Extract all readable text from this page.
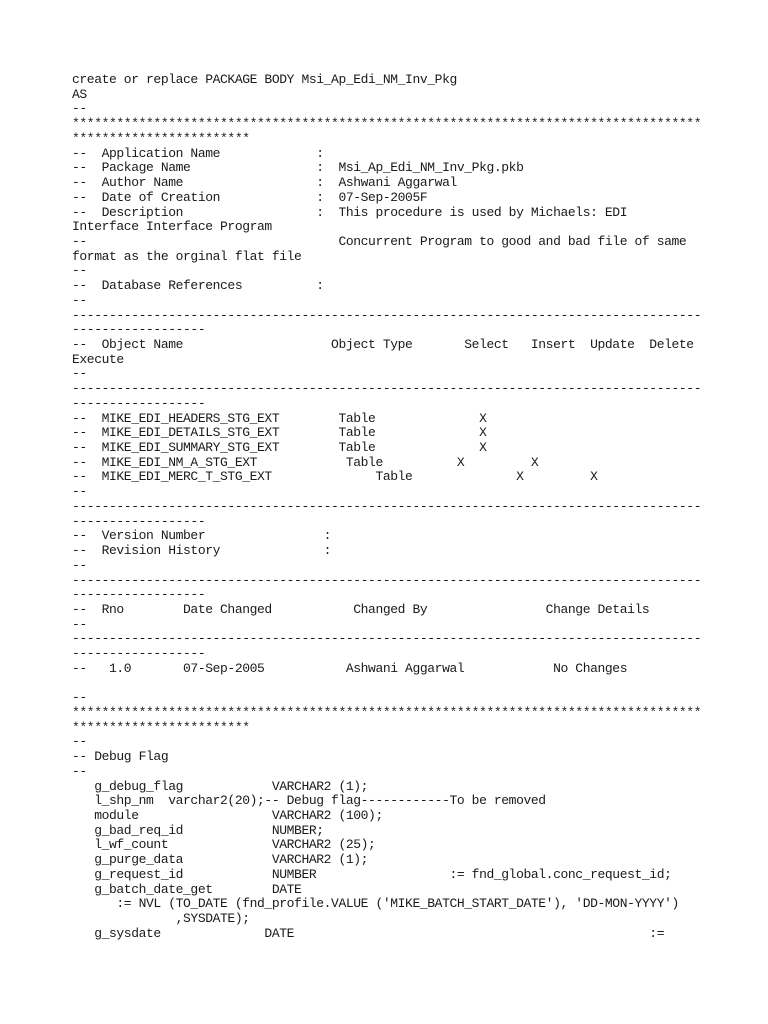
create or replace PACKAGE BODY Msi_Ap_Edi_NM_Inv_Pkg
AS
--
*************************************************************************************
************************
--  Application Name             :
--  Package Name                 :  Msi_Ap_Edi_NM_Inv_Pkg.pkb
--  Author Name                  :  Ashwani Aggarwal
--  Date of Creation             :  07-Sep-2005F
--  Description                  :  This procedure is used by Michaels: EDI
Interface Interface Program
--                                  Concurrent Program to good and bad file of same
format as the orginal flat file
--
--  Database References          :
--
-------------------------------------------------------------------------------------
------------------
--  Object Name                    Object Type       Select   Insert  Update  Delete
Execute
--
-------------------------------------------------------------------------------------
------------------
--  MIKE_EDI_HEADERS_STG_EXT        Table              X
--  MIKE_EDI_DETAILS_STG_EXT        Table              X
--  MIKE_EDI_SUMMARY_STG_EXT        Table              X
--  MIKE_EDI_NM_A_STG_EXT            Table          X         X
--  MIKE_EDI_MERC_T_STG_EXT              Table              X         X
--
-------------------------------------------------------------------------------------
------------------
--  Version Number                :
--  Revision History              :
--
-------------------------------------------------------------------------------------
------------------
--  Rno        Date Changed           Changed By                Change Details
--
-------------------------------------------------------------------------------------
------------------
--   1.0       07-Sep-2005           Ashwani Aggarwal            No Changes
--
*************************************************************************************
************************
--
-- Debug Flag
--
g_debug_flag            VARCHAR2 (1);
l_shp_nm  varchar2(20);-- Debug flag------------To be removed
module                  VARCHAR2 (100);
g_bad_req_id            NUMBER;
l_wf_count              VARCHAR2 (25);
g_purge_data            VARCHAR2 (1);
g_request_id            NUMBER                  := fnd_global.conc_request_id;
g_batch_date_get        DATE
:= NVL (TO_DATE (fnd_profile.VALUE ('MIKE_BATCH_START_DATE'), 'DD-MON-YYYY')
,SYSDATE);
g_sysdate              DATE                                                :=
